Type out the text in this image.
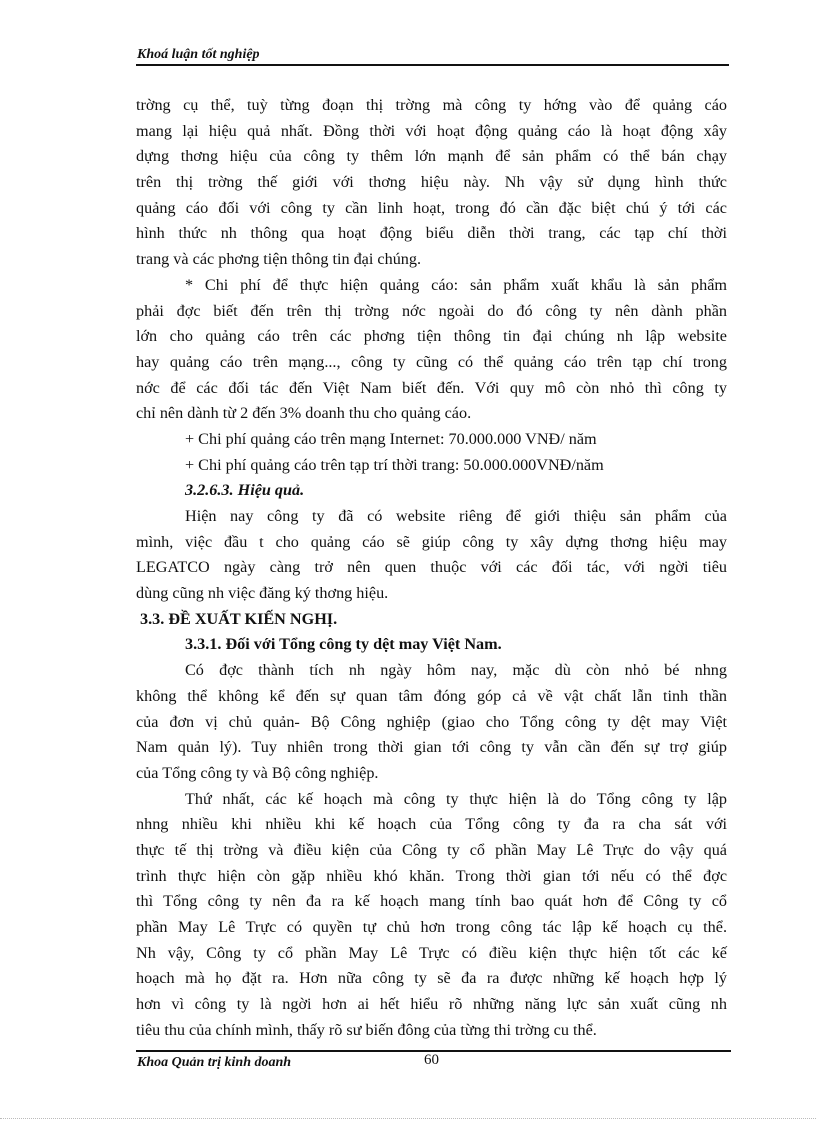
Khoá luận tốt nghiệp
trờng cụ thể, tuỳ từng đoạn thị trờng mà công ty hớng vào để quảng cáo
mang lại hiệu quả nhất. Đồng thời với hoạt động quảng cáo là hoạt động xây
dựng thơng hiệu của công ty thêm lớn mạnh để sản phẩm có thể bán chạy
trên thị trờng thế giới với thơng hiệu này. Nh vậy sử dụng hình thức
quảng cáo đối với công ty cần linh hoạt, trong đó cần đặc biệt chú ý tới các
hình thức nh thông qua hoạt động biểu diễn thời trang, các tạp chí thời
trang và các phơng tiện thông tin đại chúng.
* Chi phí để thực hiện quảng cáo: sản phẩm xuất khẩu là sản phẩm
phải đợc biết đến trên thị trờng nớc ngoài do đó công ty nên dành phần
lớn cho quảng cáo trên các phơng tiện thông tin đại chúng nh lập website
hay quảng cáo trên mạng..., công ty cũng có thể quảng cáo trên tạp chí trong
nớc để các đối tác đến Việt Nam biết đến. Với quy mô còn nhỏ thì công ty
chỉ nên dành từ 2 đến 3% doanh thu cho quảng cáo.
+ Chi phí quảng cáo trên mạng Internet: 70.000.000 VNĐ/ năm
+ Chi phí quảng cáo trên tạp trí thời trang: 50.000.000VNĐ/năm
3.2.6.3. Hiệu quả.
Hiện nay công ty đã có website riêng để giới thiệu sản phẩm của
mình, việc đầu t cho quảng cáo sẽ giúp công ty xây dựng thơng hiệu may
LEGATCO ngày càng trở nên quen thuộc với các đối tác, với ngời tiêu
dùng cũng nh việc đăng ký thơng hiệu.
3.3. ĐỀ XUẤT KIẾN NGHỊ.
3.3.1. Đối với Tổng công ty dệt may Việt Nam.
Có đợc thành tích nh ngày hôm nay, mặc dù còn nhỏ bé nhng
không thể không kể đến sự quan tâm đóng góp cả về vật chất lẫn tinh thần
của đơn vị chủ quản- Bộ Công nghiệp (giao cho Tổng công ty dệt may Việt
Nam quản lý). Tuy nhiên trong thời gian tới công ty vẫn cần đến sự trợ giúp
của Tổng công ty và Bộ công nghiệp.
Thứ nhất, các kế hoạch mà công ty thực hiện là do Tổng công ty lập
nhng nhiều khi nhiều khi kế hoạch của Tổng công ty đa ra cha sát với
thực tế thị trờng và điều kiện của Công ty cổ phần May Lê Trực do vậy quá
trình thực hiện còn gặp nhiều khó khăn. Trong thời gian tới nếu có thể đợc
thì Tổng công ty nên đa ra kế hoạch mang tính bao quát hơn để Công ty cổ
phần May Lê Trực có quyền tự chủ hơn trong công tác lập kế hoạch cụ thể.
Nh vậy, Công ty cổ phần May Lê Trực có điều kiện thực hiện tốt các kế
hoạch mà họ đặt ra. Hơn nữa công ty sẽ đa ra được những kế hoạch hợp lý
hơn vì công ty là ngời hơn ai hết hiểu rõ những năng lực sản xuất cũng nh
tiêu thu của chính mình, thấy rõ sư biến đông của từng thi trờng cu thể.
Khoa Quản trị kinh doanh	60
